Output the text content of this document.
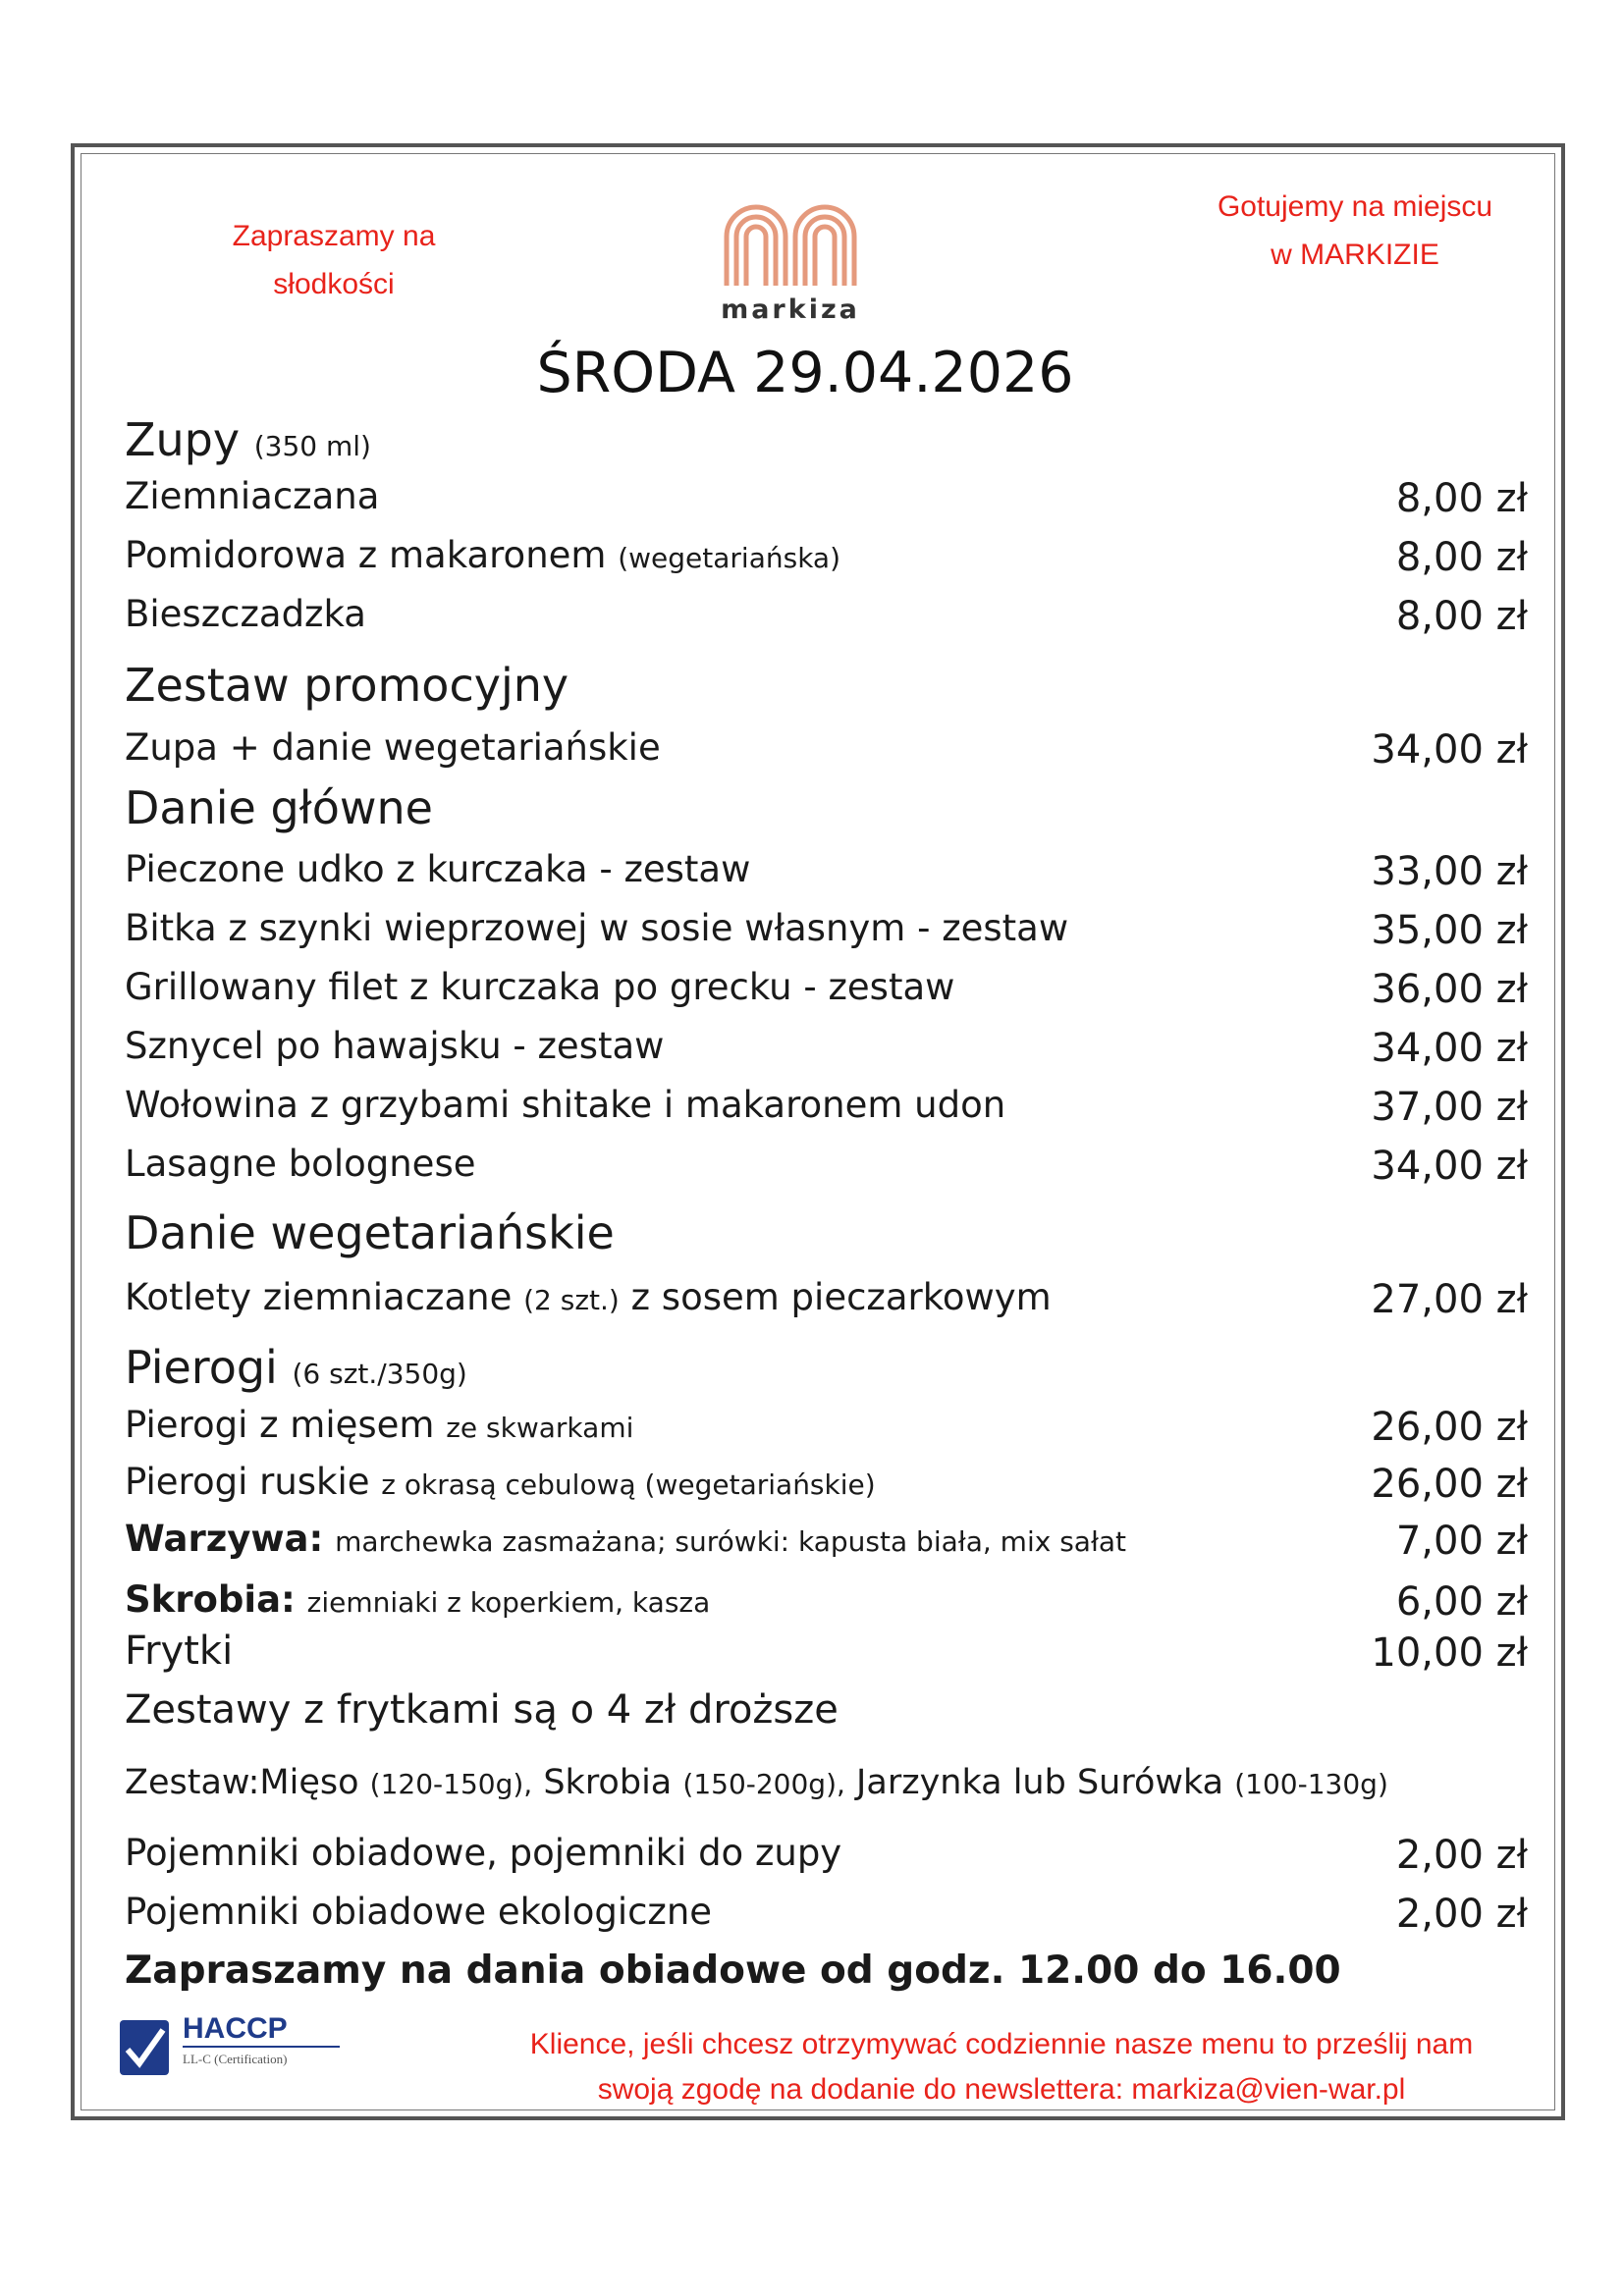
Zapraszamy na
słodkości
Gotujemy na miejscu
w MARKIZIE
markiza
ŚRODA 29.04.2026
Zupy (350 ml)
Ziemniaczana	8,00 zł
Pomidorowa z makaronem (wegetariańska)	8,00 zł
Bieszczadzka	8,00 zł
Zestaw promocyjny
Zupa + danie wegetariańskie	34,00 zł
Danie główne
Pieczone udko z kurczaka - zestaw	33,00 zł
Bitka z szynki wieprzowej w sosie własnym - zestaw	35,00 zł
Grillowany filet z kurczaka po grecku - zestaw	36,00 zł
Sznycel po hawajsku - zestaw	34,00 zł
Wołowina z grzybami shitake i makaronem udon	37,00 zł
Lasagne bolognese	34,00 zł
Danie wegetariańskie
Kotlety ziemniaczane (2 szt.) z sosem pieczarkowym	27,00 zł
Pierogi (6 szt./350g)
Pierogi z mięsem ze skwarkami	26,00 zł
Pierogi ruskie z okrasą cebulową (wegetariańskie)	26,00 zł
Warzywa: marchewka zasmażana; surówki: kapusta biała, mix sałat	7,00 zł
Skrobia: ziemniaki z koperkiem, kasza	6,00 zł
Frytki	10,00 zł
Zestawy z frytkami są o 4 zł droższe
Zestaw:Mięso (120-150g), Skrobia (150-200g), Jarzynka lub Surówka (100-130g)
Pojemniki obiadowe, pojemniki do zupy	2,00 zł
Pojemniki obiadowe ekologiczne	2,00 zł
Zapraszamy na dania obiadowe od godz. 12.00 do 16.00
HACCP
LL-C (Certification)	Klience, jeśli chcesz otrzymywać codziennie nasze menu to prześlij nam
swoją zgodę na dodanie do newslettera: markiza@vien-war.pl
